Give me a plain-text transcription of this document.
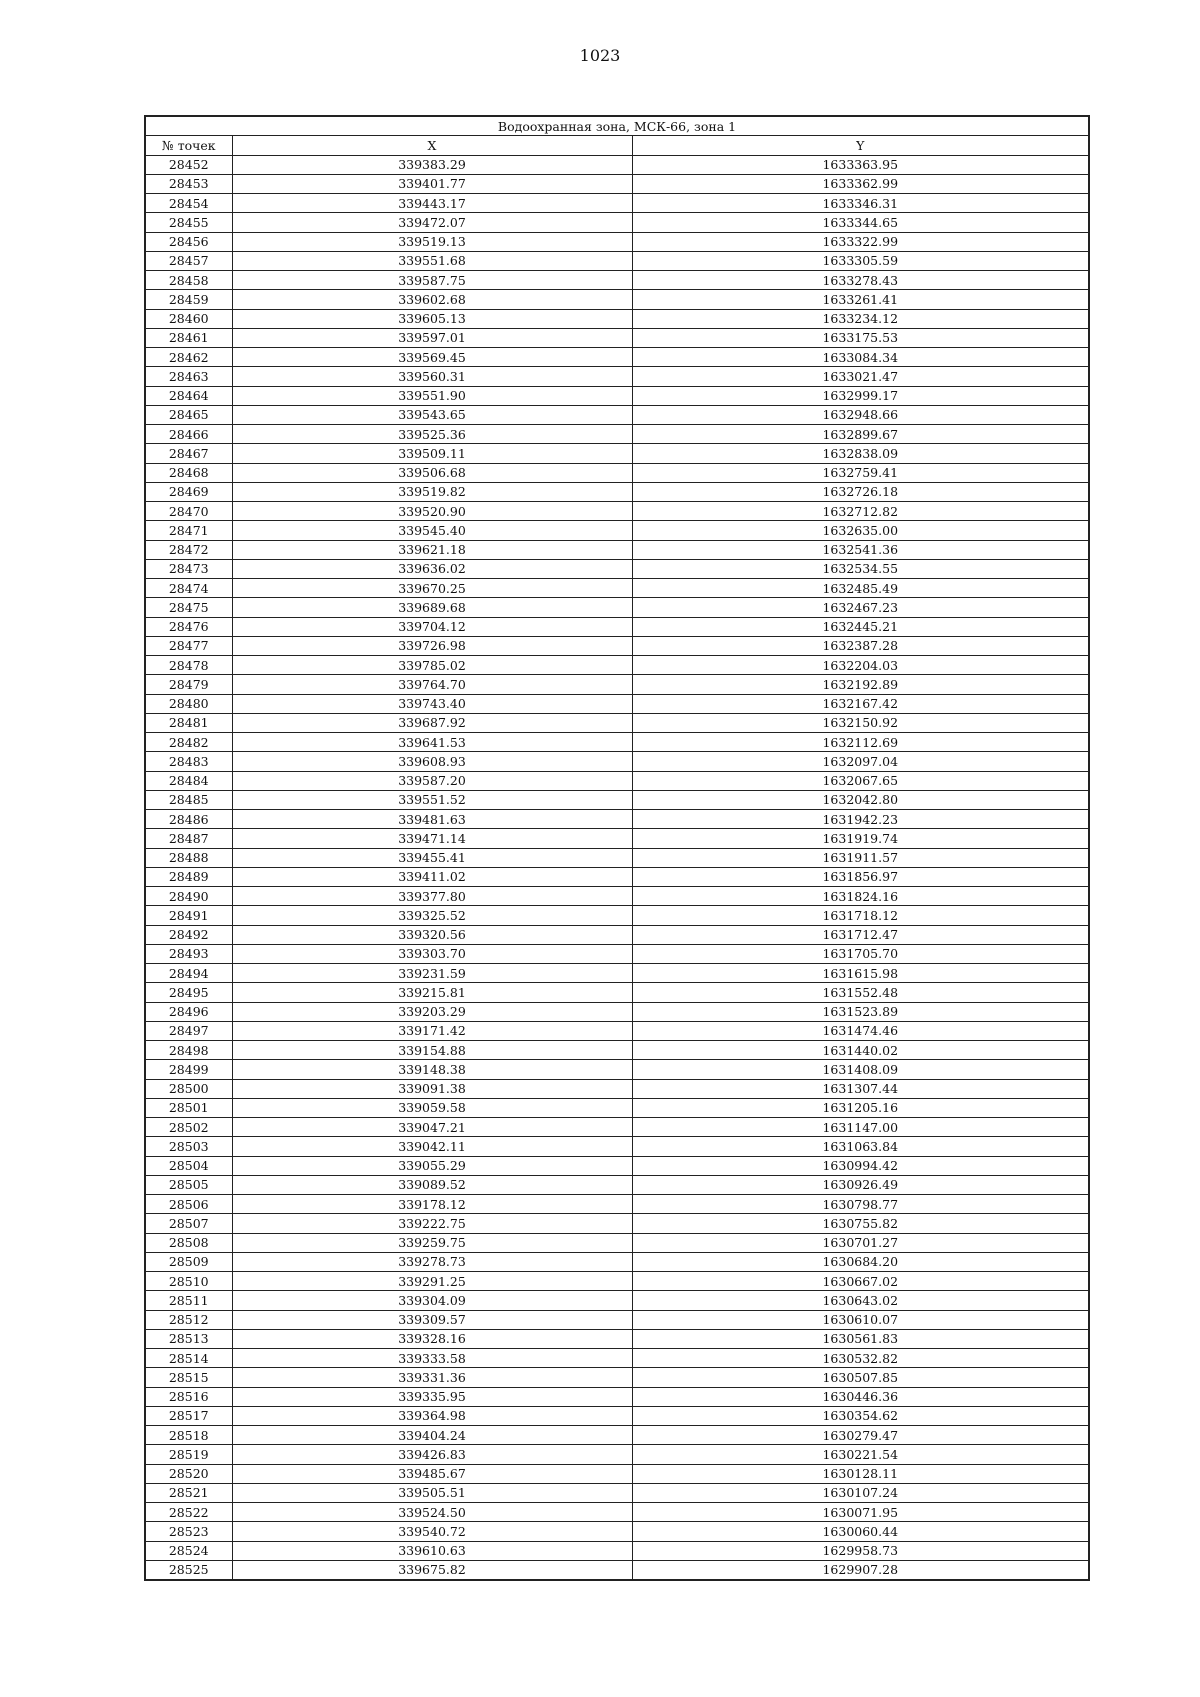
1023
Водоохранная зона, МСК-66, зона 1		
№ точек	X	Y
28452	339383.29	1633363.95
28453	339401.77	1633362.99
28454	339443.17	1633346.31
28455	339472.07	1633344.65
28456	339519.13	1633322.99
28457	339551.68	1633305.59
28458	339587.75	1633278.43
28459	339602.68	1633261.41
28460	339605.13	1633234.12
28461	339597.01	1633175.53
28462	339569.45	1633084.34
28463	339560.31	1633021.47
28464	339551.90	1632999.17
28465	339543.65	1632948.66
28466	339525.36	1632899.67
28467	339509.11	1632838.09
28468	339506.68	1632759.41
28469	339519.82	1632726.18
28470	339520.90	1632712.82
28471	339545.40	1632635.00
28472	339621.18	1632541.36
28473	339636.02	1632534.55
28474	339670.25	1632485.49
28475	339689.68	1632467.23
28476	339704.12	1632445.21
28477	339726.98	1632387.28
28478	339785.02	1632204.03
28479	339764.70	1632192.89
28480	339743.40	1632167.42
28481	339687.92	1632150.92
28482	339641.53	1632112.69
28483	339608.93	1632097.04
28484	339587.20	1632067.65
28485	339551.52	1632042.80
28486	339481.63	1631942.23
28487	339471.14	1631919.74
28488	339455.41	1631911.57
28489	339411.02	1631856.97
28490	339377.80	1631824.16
28491	339325.52	1631718.12
28492	339320.56	1631712.47
28493	339303.70	1631705.70
28494	339231.59	1631615.98
28495	339215.81	1631552.48
28496	339203.29	1631523.89
28497	339171.42	1631474.46
28498	339154.88	1631440.02
28499	339148.38	1631408.09
28500	339091.38	1631307.44
28501	339059.58	1631205.16
28502	339047.21	1631147.00
28503	339042.11	1631063.84
28504	339055.29	1630994.42
28505	339089.52	1630926.49
28506	339178.12	1630798.77
28507	339222.75	1630755.82
28508	339259.75	1630701.27
28509	339278.73	1630684.20
28510	339291.25	1630667.02
28511	339304.09	1630643.02
28512	339309.57	1630610.07
28513	339328.16	1630561.83
28514	339333.58	1630532.82
28515	339331.36	1630507.85
28516	339335.95	1630446.36
28517	339364.98	1630354.62
28518	339404.24	1630279.47
28519	339426.83	1630221.54
28520	339485.67	1630128.11
28521	339505.51	1630107.24
28522	339524.50	1630071.95
28523	339540.72	1630060.44
28524	339610.63	1629958.73
28525	339675.82	1629907.28
